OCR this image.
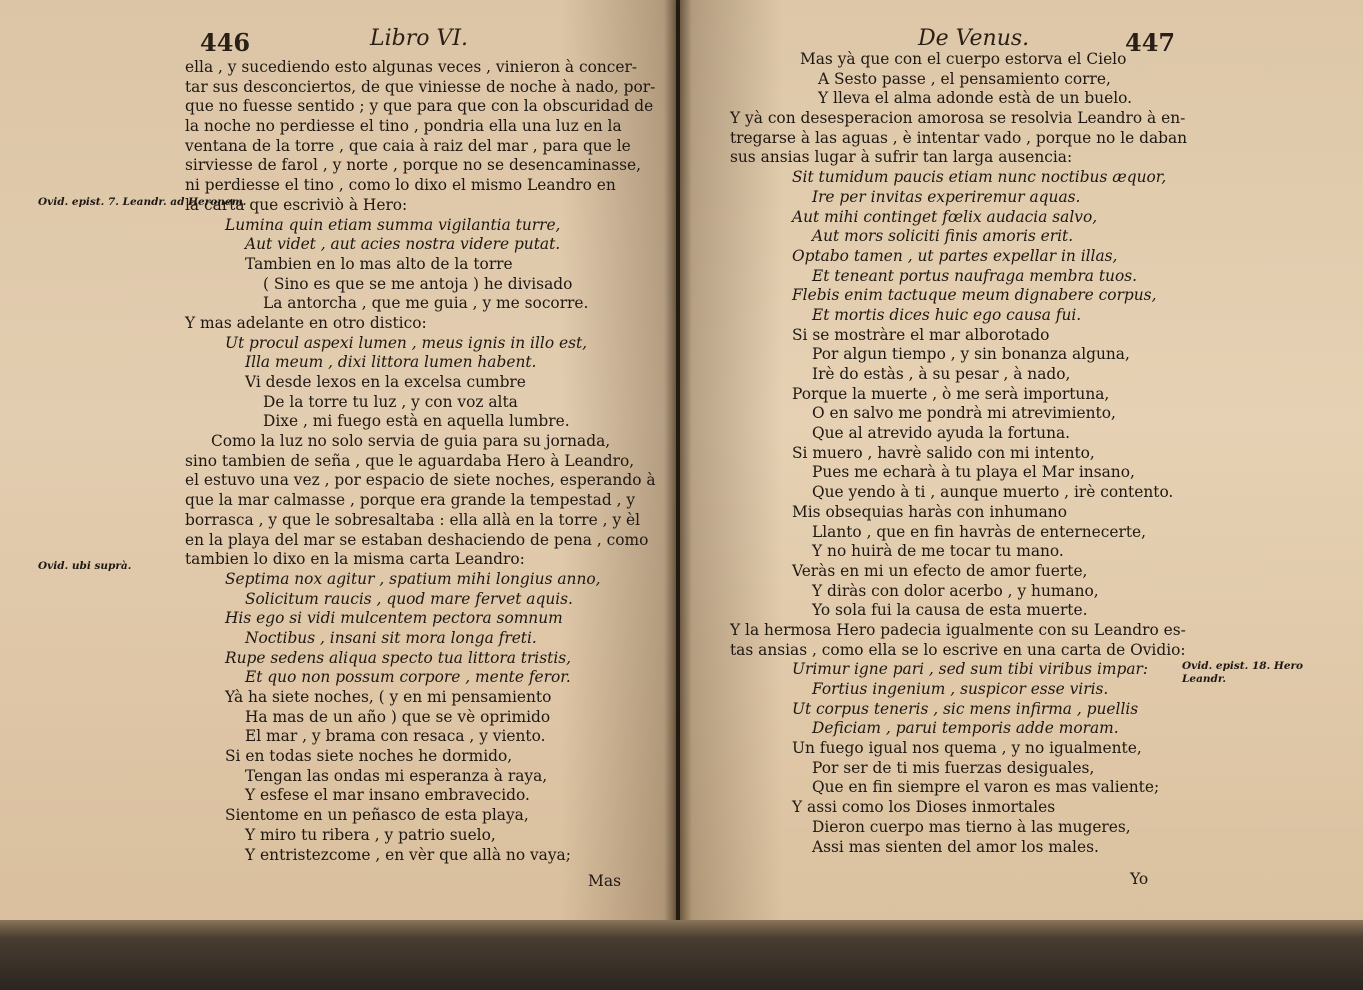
446	Libro VI.
ella , y sucediendo esto algunas veces , vinieron à concer-
tar sus desconciertos, de que viniesse de noche à nado, por-
que no fuesse sentido ; y que para que con la obscuridad de
la noche no perdiesse el tino , pondria ella una luz en la
ventana de la torre , que caia à raiz del mar , para que le
sirviesse de farol , y norte , porque no se desencaminasse,
ni perdiesse el tino , como lo dixo el mismo Leandro en
la carta que escriviò à Hero:
Lumina quin etiam summa vigilantia turre,
Aut videt , aut acies nostra videre putat.
Tambien en lo mas alto de la torre
( Sino es que se me antoja ) he divisado
La antorcha , que me guia , y me socorre.
Y mas adelante en otro distico:
Ut procul aspexi lumen , meus ignis in illo est,
Illa meum , dixi littora lumen habent.
Vi desde lexos en la excelsa cumbre
De la torre tu luz , y con voz alta
Dixe , mi fuego està en aquella lumbre.
Como la luz no solo servia de guia para su jornada,
sino tambien de seña , que le aguardaba Hero à Leandro,
el estuvo una vez , por espacio de siete noches, esperando à
que la mar calmasse , porque era grande la tempestad , y
borrasca , y que le sobresaltaba : ella allà en la torre , y èl
en la playa del mar se estaban deshaciendo de pena , como
tambien lo dixo en la misma carta Leandro:
Septima nox agitur , spatium mihi longius anno,
Solicitum raucis , quod mare fervet aquis.
His ego si vidi mulcentem pectora somnum
Noctibus , insani sit mora longa freti.
Rupe sedens aliqua specto tua littora tristis,
Et quo non possum corpore , mente feror.
Yà ha siete noches, ( y en mi pensamiento
Ha mas de un año ) que se vè oprimido
El mar , y brama con resaca , y viento.
Si en todas siete noches he dormido,
Tengan las ondas mi esperanza à raya,
Y esfese el mar insano embravecido.
Sientome en un peñasco de esta playa,
Y miro tu ribera , y patrio suelo,
Y entristezcome , en vèr que allà no vaya;
Ovid. epist. 7. Leandr. ad Heronem.
Ovid. ubi suprà.
Mas
De Venus.	447
Mas yà que con el cuerpo estorva el Cielo
A Sesto passe , el pensamiento corre,
Y lleva el alma adonde està de un buelo.
Y yà con desesperacion amorosa se resolvia Leandro à en-
tregarse à las aguas , è intentar vado , porque no le daban
sus ansias lugar à sufrir tan larga ausencia:
Sit tumidum paucis etiam nunc noctibus æquor,
Ire per invitas experiremur aquas.
Aut mihi continget fœlix audacia salvo,
Aut mors soliciti finis amoris erit.
Optabo tamen , ut partes expellar in illas,
Et teneant portus naufraga membra tuos.
Flebis enim tactuque meum dignabere corpus,
Et mortis dices huic ego causa fui.
Si se mostràre el mar alborotado
Por algun tiempo , y sin bonanza alguna,
Irè do estàs , à su pesar , à nado,
Porque la muerte , ò me serà importuna,
O en salvo me pondrà mi atrevimiento,
Que al atrevido ayuda la fortuna.
Si muero , havrè salido con mi intento,
Pues me echarà à tu playa el Mar insano,
Que yendo à ti , aunque muerto , irè contento.
Mis obsequias haràs con inhumano
Llanto , que en fin havràs de enternecerte,
Y no huirà de me tocar tu mano.
Veràs en mi un efecto de amor fuerte,
Y diràs con dolor acerbo , y humano,
Yo sola fui la causa de esta muerte.
Y la hermosa Hero padecia igualmente con su Leandro es-
tas ansias , como ella se lo escrive en una carta de Ovidio:
Urimur igne pari , sed sum tibi viribus impar:
Fortius ingenium , suspicor esse viris.
Ut corpus teneris , sic mens infirma , puellis
Deficiam , parui temporis adde moram.
Un fuego igual nos quema , y no igualmente,
Por ser de ti mis fuerzas desiguales,
Que en fin siempre el varon es mas valiente;
Y assi como los Dioses inmortales
Dieron cuerpo mas tierno à las mugeres,
Assi mas sienten del amor los males.
Ovid. epist. 18. Hero Leandr.
Yo
